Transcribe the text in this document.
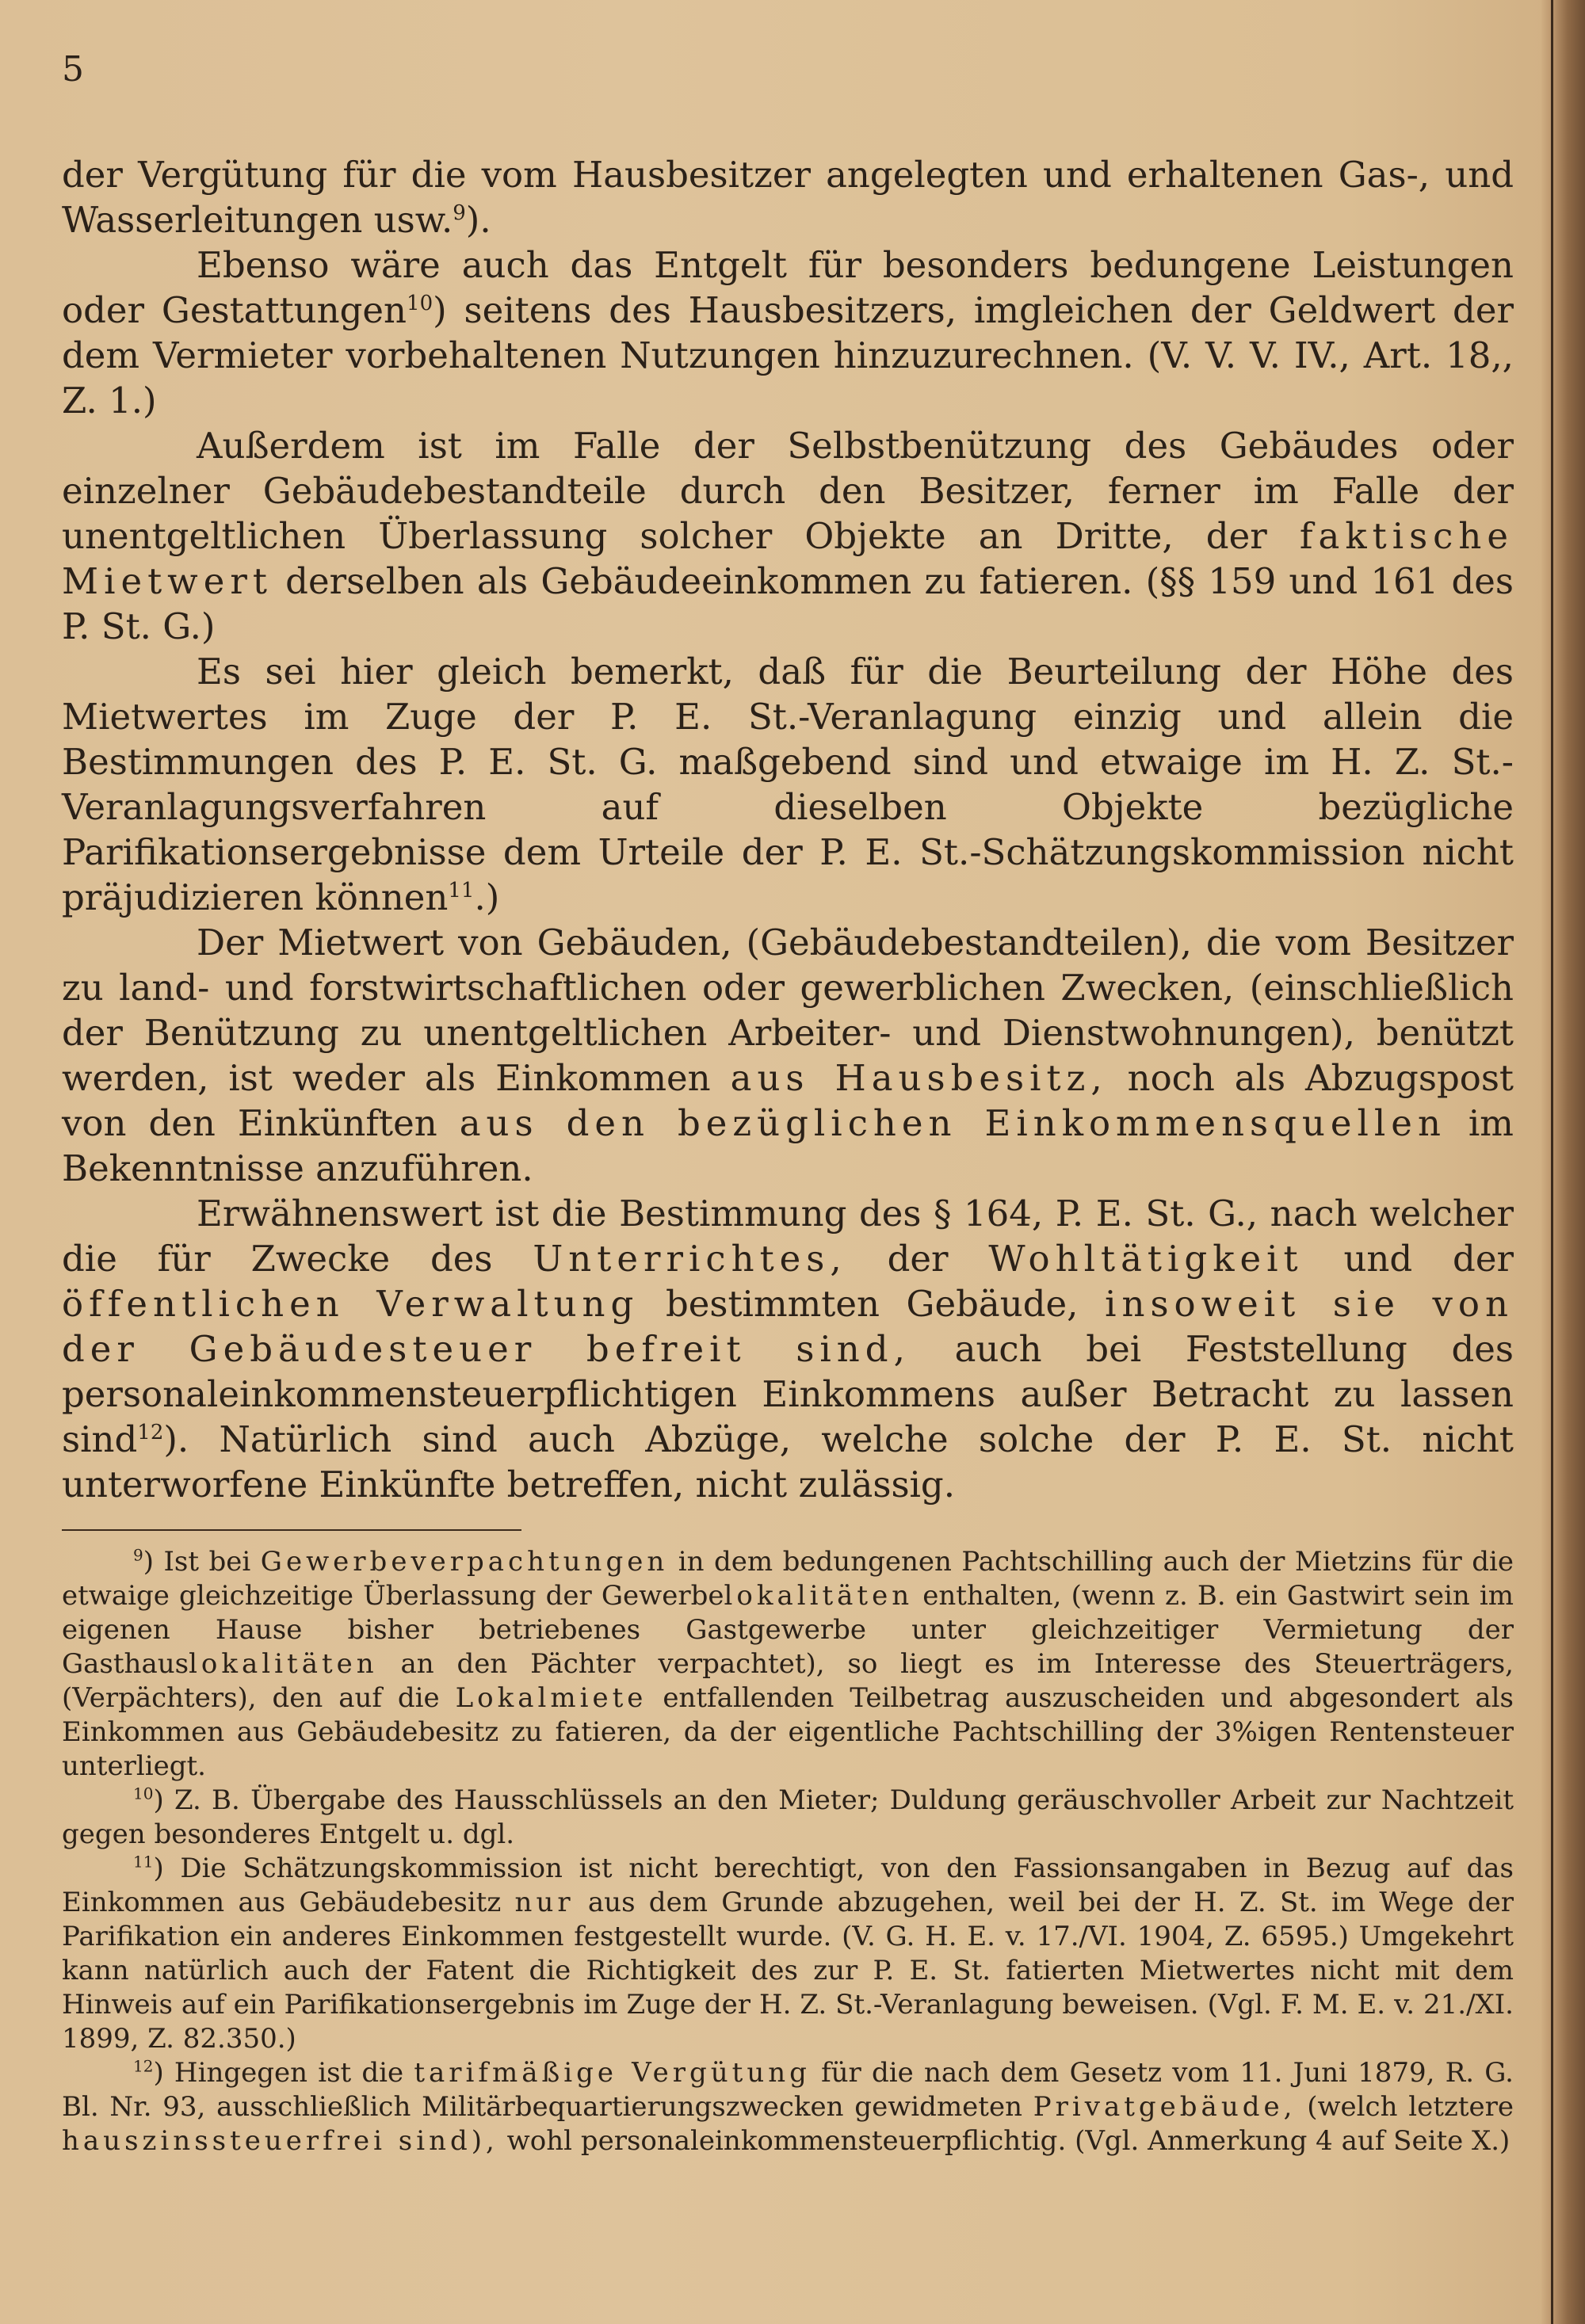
5

der Vergütung für die vom Hausbesitzer angelegten und erhaltenen Gas-, und Wasserleitungen usw.$^9$).

Ebenso wäre auch das Entgelt für besonders bedungene Leistungen oder Gestattungen$^{10}$) seitens des Hausbesitzers, imgleichen der Geldwert der dem Vermieter vorbehaltenen Nutzungen hinzuzurechnen. (V. V. V. IV., Art. 18,, Z. 1.)

Außerdem ist im Falle der Selbstbenützung des Gebäudes oder einzelner Gebäudebestandteile durch den Besitzer, ferner im Falle der unentgeltlichen Überlassung solcher Objekte an Dritte, der faktische Mietwert derselben als Gebäudeeinkommen zu fatieren. (§§ 159 und 161 des P. St. G.)

Es sei hier gleich bemerkt, daß für die Beurteilung der Höhe des Mietwertes im Zuge der P. E. St.-Veranlagung einzig und allein die Bestimmungen des P. E. St. G. maßgebend sind und etwaige im H. Z. St.-Veranlagungsverfahren auf dieselben Objekte bezügliche Parifikationsergebnisse dem Urteile der P. E. St.-Schätzungskommission nicht präjudizieren können$^{11}$.)

Der Mietwert von Gebäuden, (Gebäudebestandteilen), die vom Besitzer zu land- und forstwirtschaftlichen oder gewerblichen Zwecken, (einschließlich der Benützung zu unentgeltlichen Arbeiter- und Dienstwohnungen), benützt werden, ist weder als Einkommen aus Hausbesitz, noch als Abzugspost von den Einkünften aus den bezüglichen Einkommensquellen im Bekenntnisse anzuführen.

Erwähnenswert ist die Bestimmung des § 164, P. E. St. G., nach welcher die für Zwecke des Unterrichtes, der Wohltätigkeit und der öffentlichen Verwaltung bestimmten Gebäude, insoweit sie von der Gebäudesteuer befreit sind, auch bei Feststellung des personaleinkommensteuerpflichtigen Einkommens außer Betracht zu lassen sind$^{12}$). Natürlich sind auch Abzüge, welche solche der P. E. St. nicht unterworfene Einkünfte betreffen, nicht zulässig.

$^9$) Ist bei Gewerbeverpachtungen in dem bedungenen Pachtschilling auch der Mietzins für die etwaige gleichzeitige Überlassung der Gewerbelokalitäten enthalten, (wenn z. B. ein Gastwirt sein im eigenen Hause bisher betriebenes Gastgewerbe unter gleichzeitiger Vermietung der Gasthauslokalitäten an den Pächter verpachtet), so liegt es im Interesse des Steuerträgers, (Verpächters), den auf die Lokalmiete entfallenden Teilbetrag auszuscheiden und abgesondert als Einkommen aus Gebäudebesitz zu fatieren, da der eigentliche Pachtschilling der 3%igen Rentensteuer unterliegt.

$^{10}$) Z. B. Übergabe des Hausschlüssels an den Mieter; Duldung geräuschvoller Arbeit zur Nachtzeit gegen besonderes Entgelt u. dgl.

$^{11}$) Die Schätzungskommission ist nicht berechtigt, von den Fassionsangaben in Bezug auf das Einkommen aus Gebäudebesitz nur aus dem Grunde abzugehen, weil bei der H. Z. St. im Wege der Parifikation ein anderes Einkommen festgestellt wurde. (V. G. H. E. v. 17./VI. 1904, Z. 6595.) Umgekehrt kann natürlich auch der Fatent die Richtigkeit des zur P. E. St. fatierten Mietwertes nicht mit dem Hinweis auf ein Parifikationsergebnis im Zuge der H. Z. St.-Veranlagung beweisen. (Vgl. F. M. E. v. 21./XI. 1899, Z. 82.350.)

$^{12}$) Hingegen ist die tarifmäßige Vergütung für die nach dem Gesetz vom 11. Juni 1879, R. G. Bl. Nr. 93, ausschließlich Militärbequartierungszwecken gewidmeten Privatgebäude, (welch letztere hauszinssteuerfrei sind), wohl personaleinkommensteuerpflichtig. (Vgl. Anmerkung 4 auf Seite X.)
